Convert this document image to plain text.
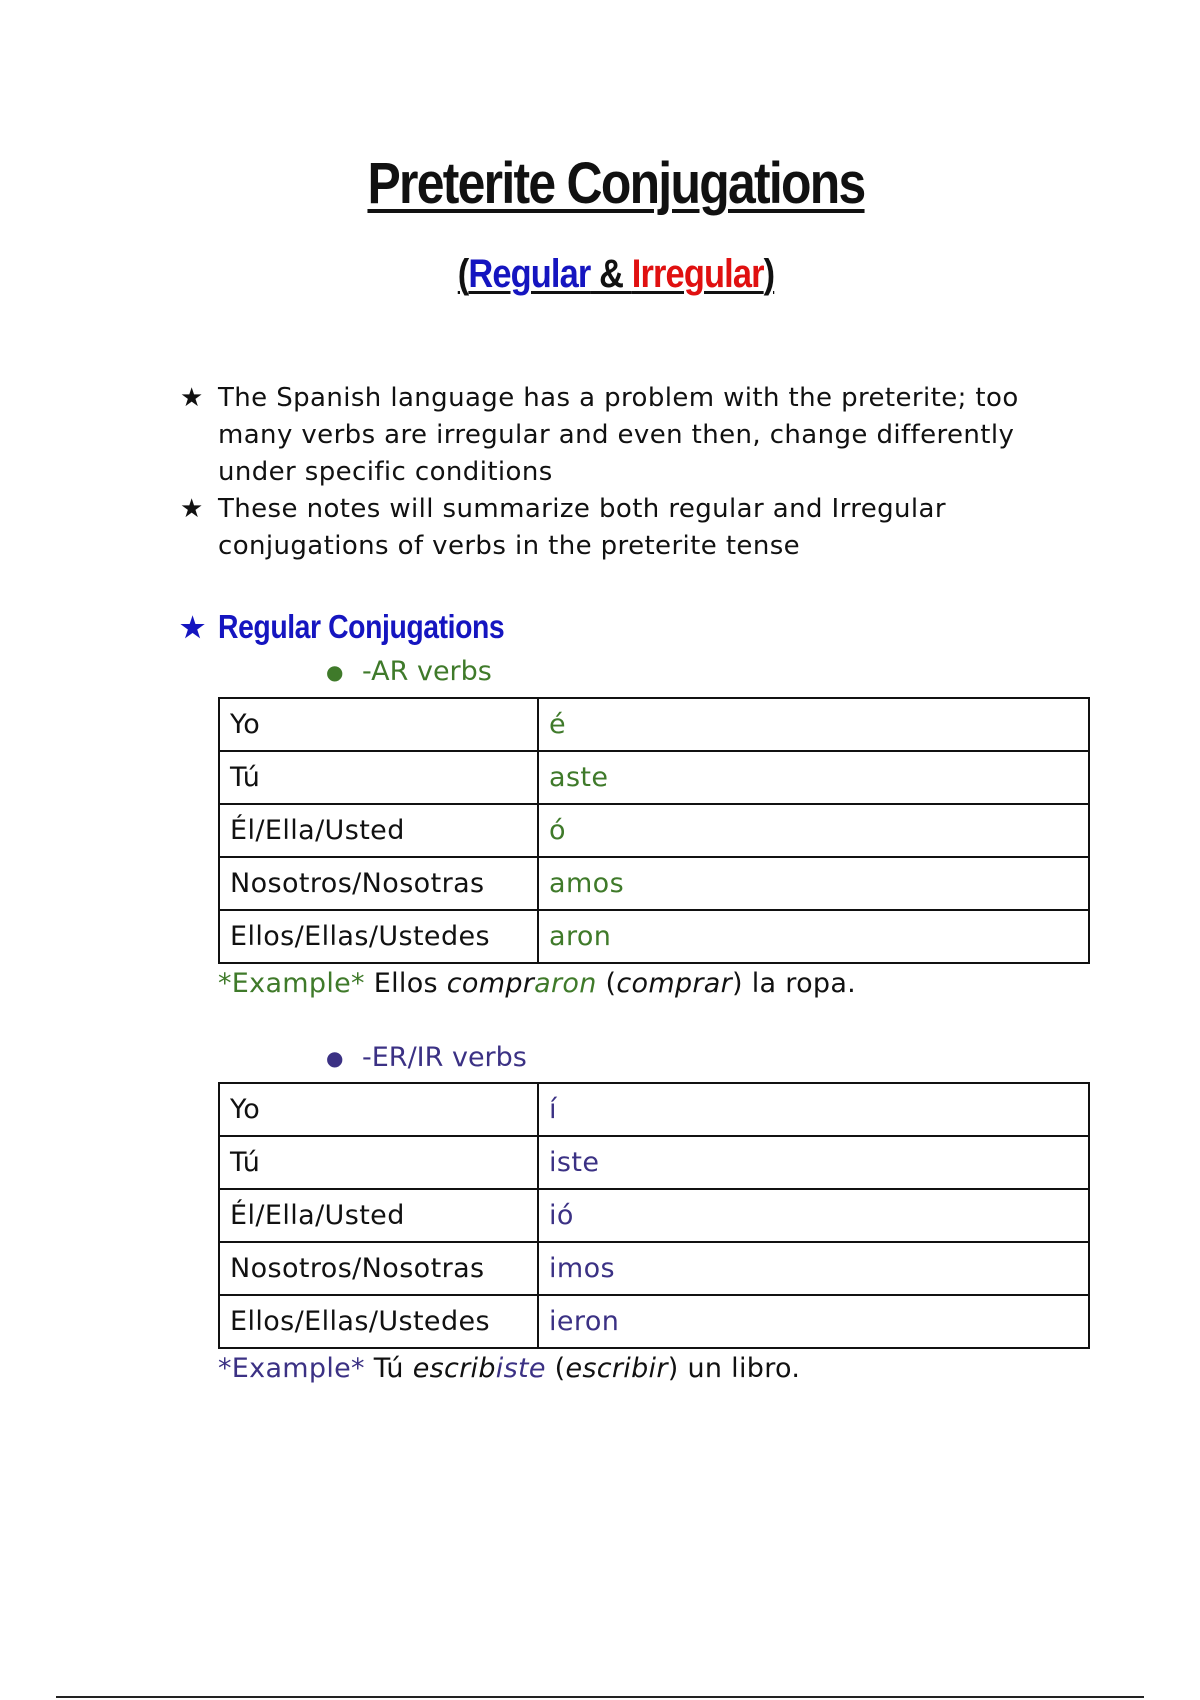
Preterite Conjugations
(Regular & Irregular)
★ The Spanish language has a problem with the preterite; too many verbs are irregular and even then, change differently under specific conditions
★ These notes will summarize both regular and Irregular conjugations of verbs in the preterite tense
★ Regular Conjugations
● -AR verbs
Yo	é
Tú	aste
Él/Ella/Usted	ó
Nosotros/Nosotras	amos
Ellos/Ellas/Ustedes	aron
*Example* Ellos compraron (comprar) la ropa.
● -ER/IR verbs
Yo	í
Tú	iste
Él/Ella/Usted	ió
Nosotros/Nosotras	imos
Ellos/Ellas/Ustedes	ieron
*Example* Tú escribiste (escribir) un libro.
